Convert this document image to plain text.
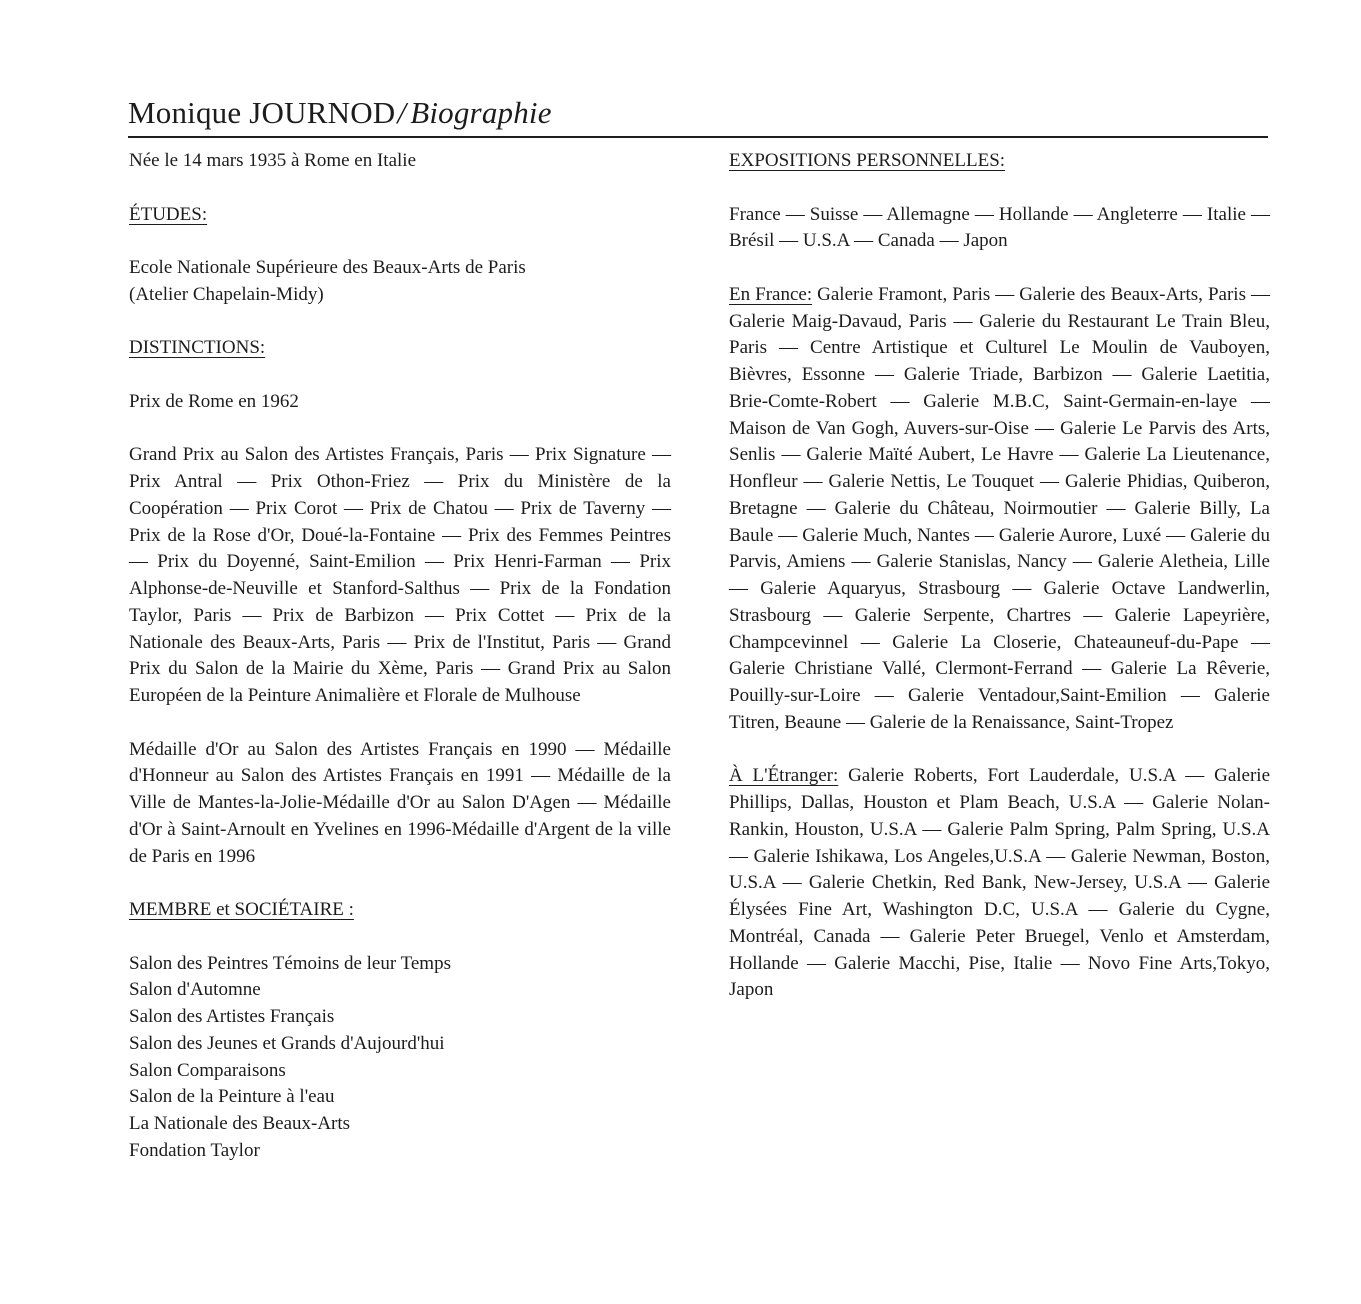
Monique JOURNOD/ Biographie

Née le 14 mars 1935 à Rome en Italie

ÉTUDES:

Ecole Nationale Supérieure des Beaux-Arts de Paris
(Atelier Chapelain-Midy)

DISTINCTIONS:

Prix de Rome en 1962

Grand Prix au Salon des Artistes Français, Paris — Prix Signature — Prix Antral — Prix Othon-Friez — Prix du Ministère de la Coopération — Prix Corot — Prix de Chatou — Prix de Taverny — Prix de la Rose d'Or, Doué-la-Fontaine — Prix des Femmes Peintres — Prix du Doyenné, Saint-Emilion — Prix Henri-Farman — Prix Alphonse-de-Neuville et Stanford-Salthus — Prix de la Fondation Taylor, Paris — Prix de Barbizon — Prix Cottet — Prix de la Nationale des Beaux-Arts, Paris — Prix de l'Institut, Paris — Grand Prix du Salon de la Mairie du Xème, Paris — Grand Prix au Salon Européen de la Peinture Animalière et Florale de Mulhouse

Médaille d'Or au Salon des Artistes Français en 1990 — Médaille d'Honneur au Salon des Artistes Français en 1991 — Médaille de la Ville de Mantes-la-Jolie-Médaille d'Or au Salon D'Agen — Médaille d'Or à Saint-Arnoult en Yvelines en 1996-Médaille d'Argent de la ville de Paris en 1996

MEMBRE et SOCIÉTAIRE :

Salon des Peintres Témoins de leur Temps
Salon d'Automne
Salon des Artistes Français
Salon des Jeunes et Grands d'Aujourd'hui
Salon Comparaisons
Salon de la Peinture à l'eau
La Nationale des Beaux-Arts
Fondation Taylor

EXPOSITIONS PERSONNELLES:

France — Suisse — Allemagne — Hollande — Angleterre — Italie — Brésil — U.S.A — Canada — Japon

En France: Galerie Framont, Paris — Galerie des Beaux-Arts, Paris — Galerie Maig-Davaud, Paris — Galerie du Restaurant Le Train Bleu, Paris — Centre Artistique et Culturel Le Moulin de Vauboyen, Bièvres, Essonne — Galerie Triade, Barbizon — Galerie Laetitia, Brie-Comte-Robert — Galerie M.B.C, Saint-Germain-en-laye — Maison de Van Gogh, Auvers-sur-Oise — Galerie Le Parvis des Arts, Senlis — Galerie Maïté Aubert, Le Havre — Galerie La Lieutenance, Honfleur — Galerie Nettis, Le Touquet — Galerie Phidias, Quiberon, Bretagne — Galerie du Château, Noirmoutier — Galerie Billy, La Baule — Galerie Much, Nantes — Galerie Aurore, Luxé — Galerie du Parvis, Amiens — Galerie Stanislas, Nancy — Galerie Aletheia, Lille — Galerie Aquaryus, Strasbourg — Galerie Octave Landwerlin, Strasbourg — Galerie Serpente, Chartres — Galerie Lapeyrière, Champcevinnel — Galerie La Closerie, Chateauneuf-du-Pape — Galerie Christiane Vallé, Clermont-Ferrand — Galerie La Rêverie, Pouilly-sur-Loire — Galerie Ventadour,Saint-Emilion — Galerie Titren, Beaune — Galerie de la Renaissance, Saint-Tropez

À L'Étranger: Galerie Roberts, Fort Lauderdale, U.S.A — Galerie Phillips, Dallas, Houston et Plam Beach, U.S.A — Galerie Nolan-Rankin, Houston, U.S.A — Galerie Palm Spring, Palm Spring, U.S.A — Galerie Ishikawa, Los Angeles,U.S.A — Galerie Newman, Boston, U.S.A — Galerie Chetkin, Red Bank, New-Jersey, U.S.A — Galerie Élysées Fine Art, Washington D.C, U.S.A — Galerie du Cygne, Montréal, Canada — Galerie Peter Bruegel, Venlo et Amsterdam, Hollande — Galerie Macchi, Pise, Italie — Novo Fine Arts,Tokyo, Japon
